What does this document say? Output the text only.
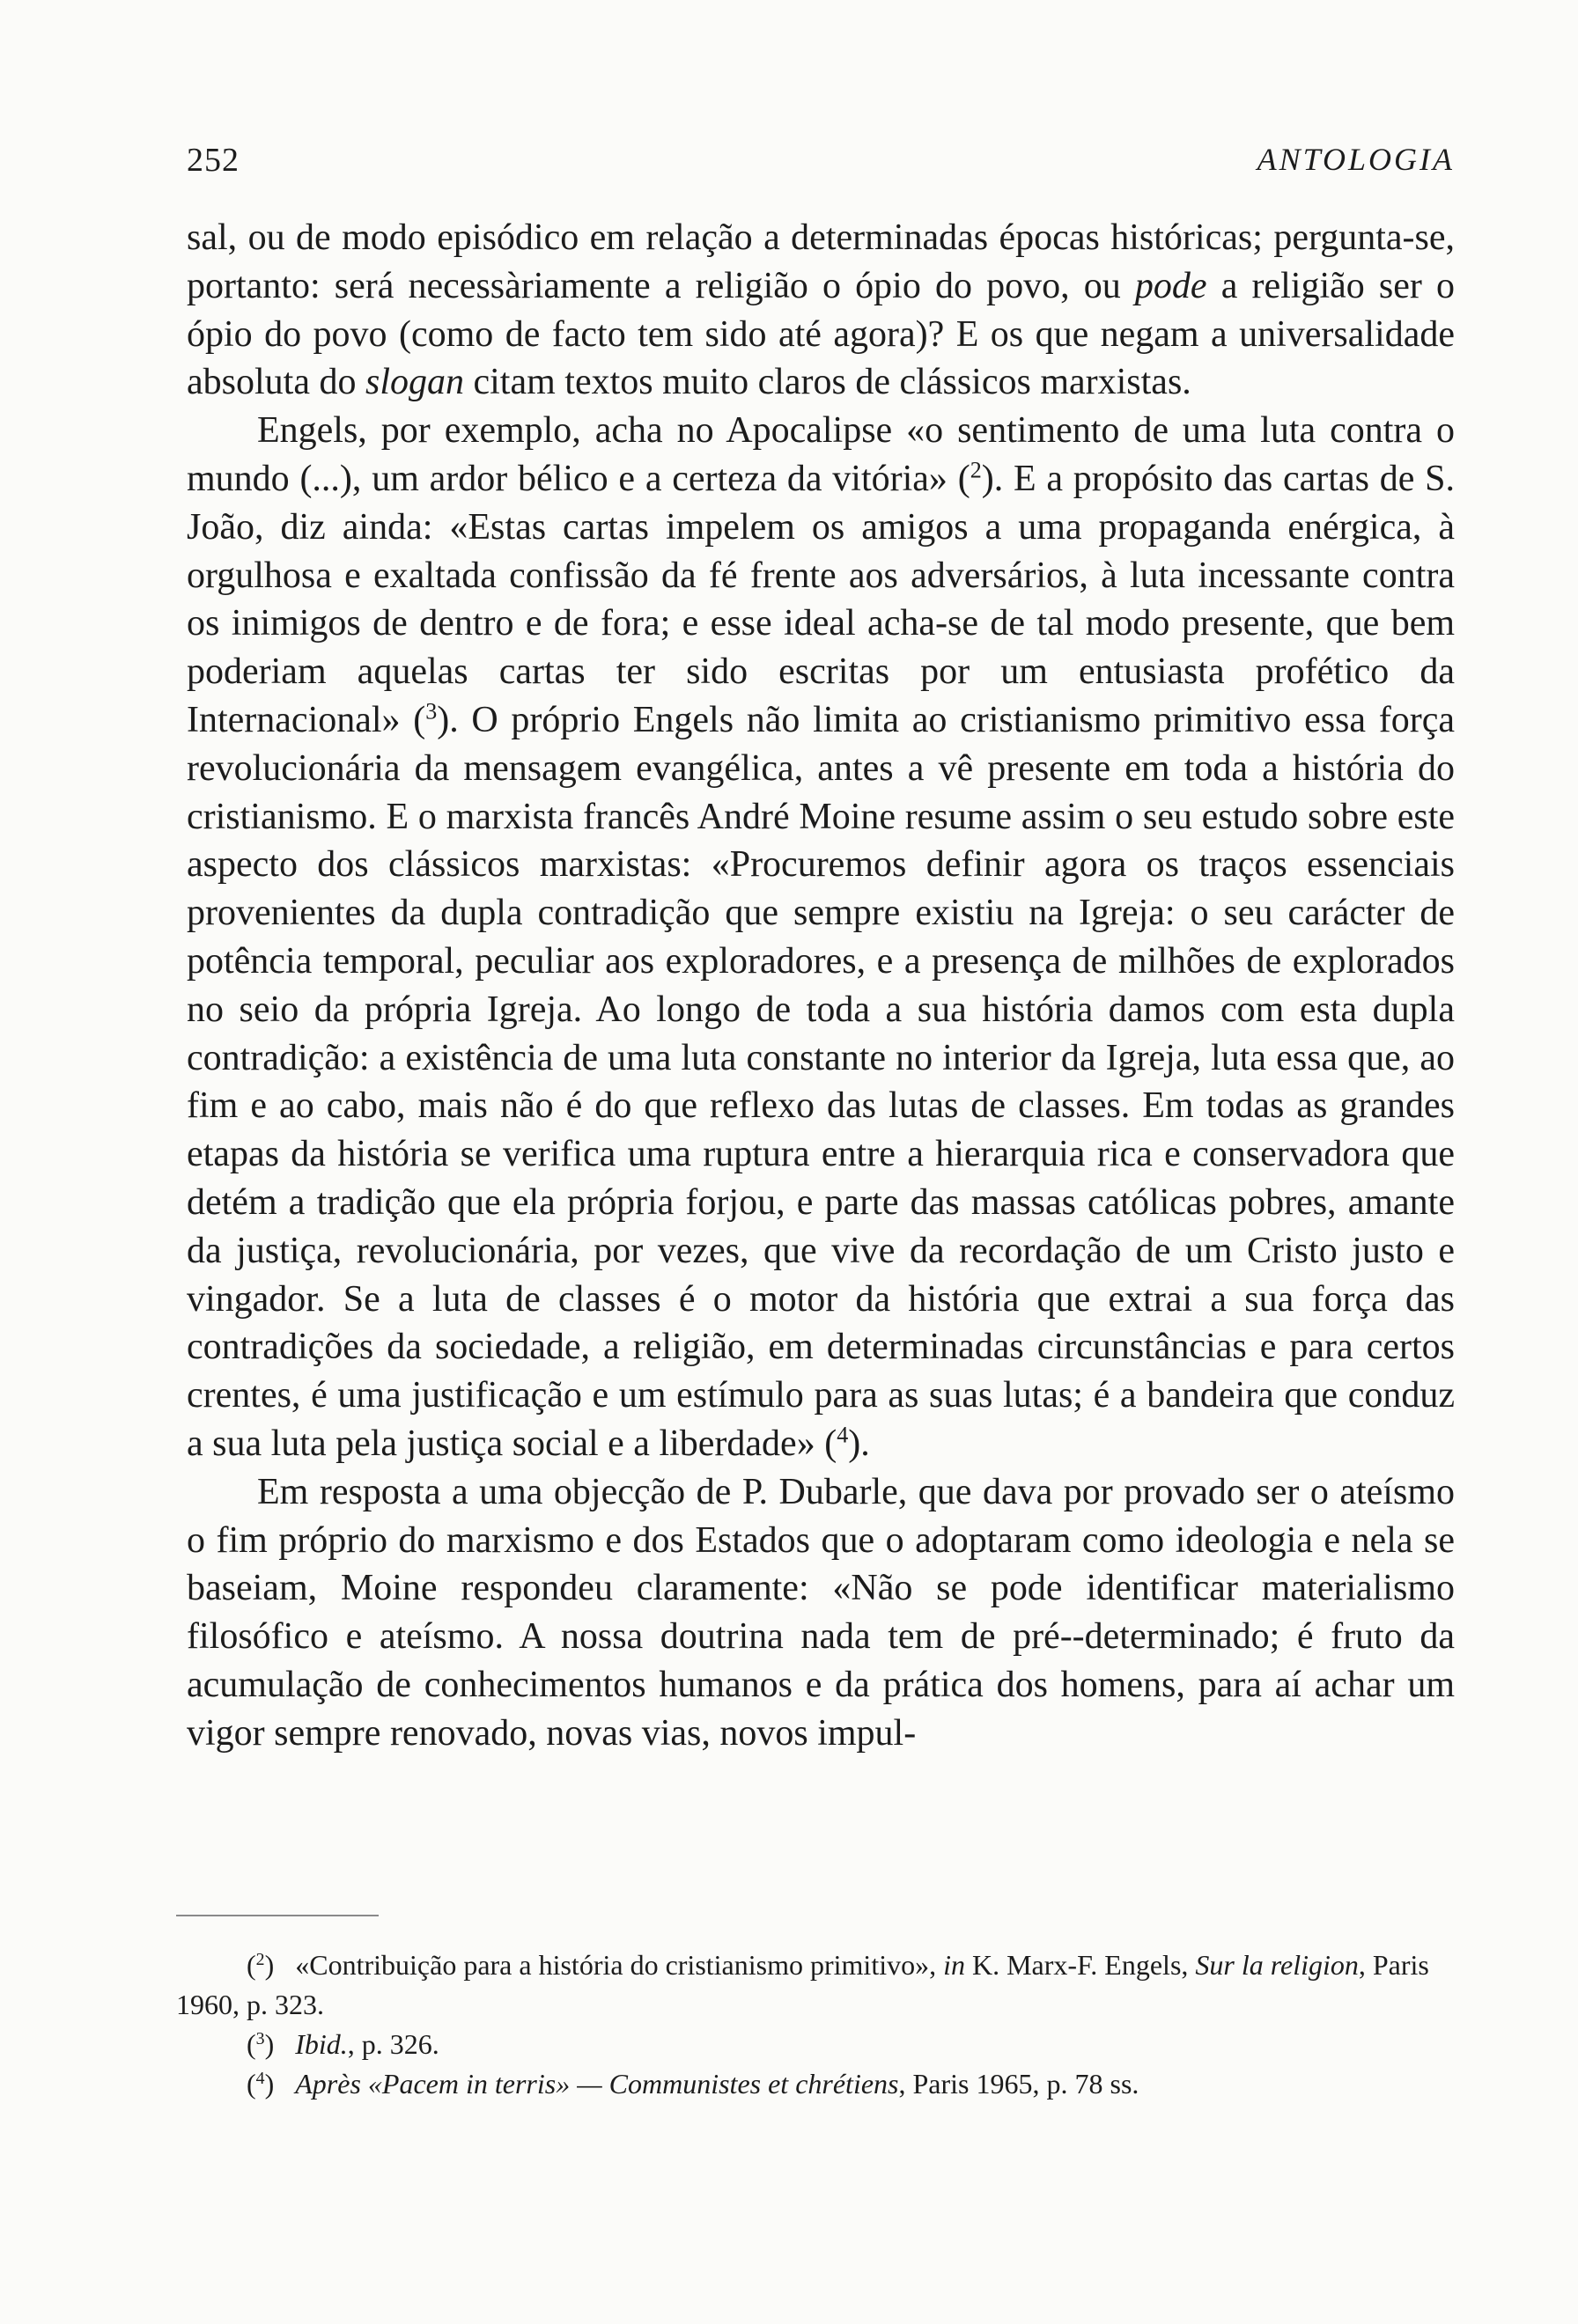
252	ANTOLOGIA

sal, ou de modo episódico em relação a determinadas épocas históricas; pergunta-se, portanto: será necessàriamente a religião o ópio do povo, ou pode a religião ser o ópio do povo (como de facto tem sido até agora)? E os que negam a universalidade absoluta do slogan citam textos muito claros de clássicos marxistas.

Engels, por exemplo, acha no Apocalipse «o sentimento de uma luta contra o mundo (...), um ardor bélico e a certeza da vitória» ($^2$). E a propósito das cartas de S. João, diz ainda: «Estas cartas impelem os amigos a uma propaganda enérgica, à orgulhosa e exaltada confissão da fé frente aos adversários, à luta incessante contra os inimigos de dentro e de fora; e esse ideal acha-se de tal modo presente, que bem poderiam aquelas cartas ter sido escritas por um entusiasta profético da Internacional» ($^3$). O próprio Engels não limita ao cristianismo primitivo essa força revolucionária da mensagem evangélica, antes a vê presente em toda a história do cristianismo. E o marxista francês André Moine resume assim o seu estudo sobre este aspecto dos clássicos marxistas: «Procuremos definir agora os traços essenciais provenientes da dupla contradição que sempre existiu na Igreja: o seu carácter de potência temporal, peculiar aos exploradores, e a presença de milhões de explorados no seio da própria Igreja. Ao longo de toda a sua história damos com esta dupla contradição: a existência de uma luta constante no interior da Igreja, luta essa que, ao fim e ao cabo, mais não é do que reflexo das lutas de classes. Em todas as grandes etapas da história se verifica uma ruptura entre a hierarquia rica e conservadora que detém a tradição que ela própria forjou, e parte das massas católicas pobres, amante da justiça, revolucionária, por vezes, que vive da recordação de um Cristo justo e vingador. Se a luta de classes é o motor da história que extrai a sua força das contradições da sociedade, a religião, em determinadas circunstâncias e para certos crentes, é uma justificação e um estímulo para as suas lutas; é a bandeira que conduz a sua luta pela justiça social e a liberdade» ($^4$).

Em resposta a uma objecção de P. Dubarle, que dava por provado ser o ateísmo o fim próprio do marxismo e dos Estados que o adoptaram como ideologia e nela se baseiam, Moine respondeu claramente: «Não se pode identificar materialismo filosófico e ateísmo. A nossa doutrina nada tem de pré--determinado; é fruto da acumulação de conhecimentos humanos e da prática dos homens, para aí achar um vigor sempre renovado, novas vias, novos impul-

($^2$) «Contribuição para a história do cristianismo primitivo», in K. Marx-F. Engels, Sur la religion, Paris 1960, p. 323.

($^3$) Ibid., p. 326.

($^4$) Après «Pacem in terris» — Communistes et chrétiens, Paris 1965, p. 78 ss.
